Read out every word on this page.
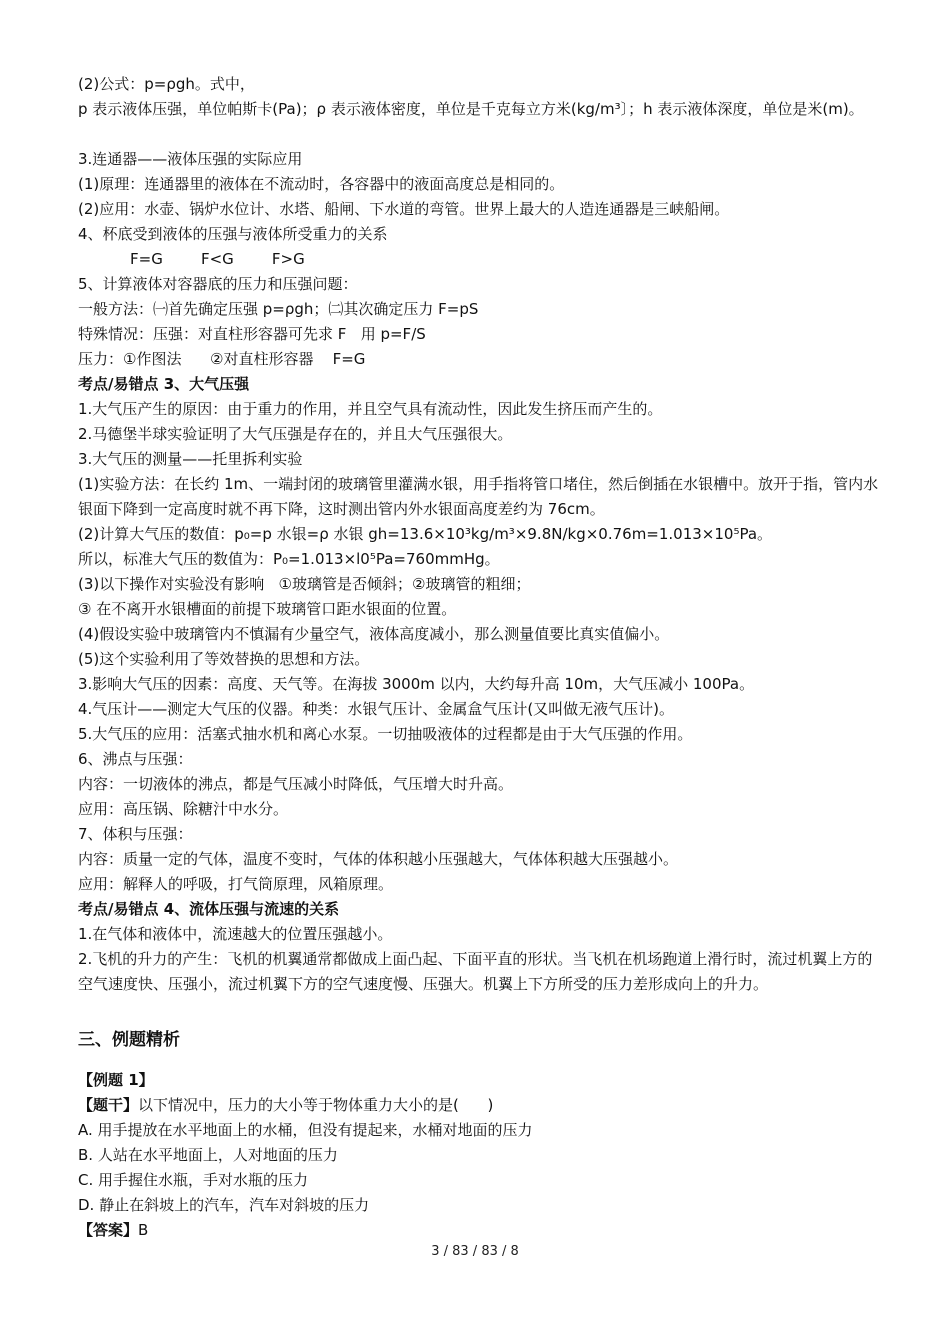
(2)公式：p=ρgh。式中，
p 表示液体压强，单位帕斯卡(Pa)；ρ 表示液体密度，单位是千克每立方米(kg/m³〕；h 表示液体深度，单位是米(m)。
3.连通器——液体压强的实际应用
(1)原理：连通器里的液体在不流动时，各容器中的液面高度总是相同的。
(2)应用：水壶、锅炉水位计、水塔、船闸、下水道的弯管。世界上最大的人造连通器是三峡船闸。
4、杯底受到液体的压强与液体所受重力的关系
F=G        F<G        F>G
5、计算液体对容器底的压力和压强问题：
一般方法：㈠首先确定压强 p=ρgh；㈡其次确定压力 F=pS
特殊情况：压强：对直柱形容器可先求 F   用 p=F/S
压力：①作图法      ②对直柱形容器    F=G
考点/易错点 3、大气压强
1.大气压产生的原因：由于重力的作用，并且空气具有流动性，因此发生挤压而产生的。
2.马德堡半球实验证明了大气压强是存在的，并且大气压强很大。
3.大气压的测量——托里拆利实验
(1)实验方法：在长约 1m、一端封闭的玻璃管里灌满水银，用手指将管口堵住，然后倒插在水银槽中。放开于指，管内水银面下降到一定高度时就不再下降，这时测出管内外水银面高度差约为 76cm。
(2)计算大气压的数值：p₀=p 水银=ρ 水银 gh=13.6×10³kg/m³×9.8N/kg×0.76m=1.013×10⁵Pa。
所以，标准大气压的数值为：P₀=1.013×l0⁵Pa=760mmHg。
(3)以下操作对实验没有影响   ①玻璃管是否倾斜；②玻璃管的粗细；
③ 在不离开水银槽面的前提下玻璃管口距水银面的位置。
(4)假设实验中玻璃管内不慎漏有少量空气，液体高度减小，那么测量值要比真实值偏小。
(5)这个实验利用了等效替换的思想和方法。
3.影响大气压的因素：高度、天气等。在海拔 3000m 以内，大约每升高 10m，大气压减小 100Pa。
4.气压计——测定大气压的仪器。种类：水银气压计、金属盒气压计(又叫做无液气压计)。
5.大气压的应用：活塞式抽水机和离心水泵。一切抽吸液体的过程都是由于大气压强的作用。
6、沸点与压强：
内容：一切液体的沸点，都是气压减小时降低，气压增大时升高。
应用：高压锅、除糖汁中水分。
7、体积与压强：
内容：质量一定的气体，温度不变时，气体的体积越小压强越大，气体体积越大压强越小。
应用：解释人的呼吸，打气筒原理，风箱原理。
考点/易错点 4、流体压强与流速的关系
1.在气体和液体中，流速越大的位置压强越小。
2.飞机的升力的产生：飞机的机翼通常都做成上面凸起、下面平直的形状。当飞机在机场跑道上滑行时，流过机翼上方的空气速度快、压强小，流过机翼下方的空气速度慢、压强大。机翼上下方所受的压力差形成向上的升力。
三、例题精析
【例题 1】
【题干】以下情况中，压力的大小等于物体重力大小的是(      )
A. 用手提放在水平地面上的水桶，但没有提起来，水桶对地面的压力
B. 人站在水平地面上，人对地面的压力
C. 用手握住水瓶，手对水瓶的压力
D. 静止在斜坡上的汽车，汽车对斜坡的压力
【答案】B
3 / 83 / 83 / 8
